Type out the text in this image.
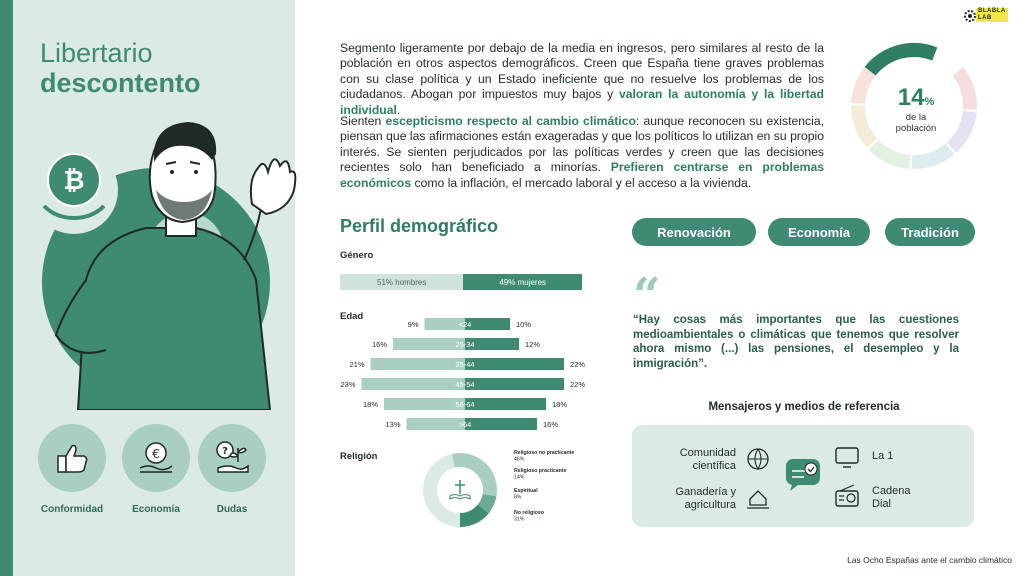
Libertario
descontento
₿
Conformidad
€
Economía
?
Dudas

Segmento ligeramente por debajo de la media en ingresos, pero similares al resto de la población en otros aspectos demográficos. Creen que España tiene graves problemas con su clase política y un Estado ineficiente que no resuelve los problemas de los ciudadanos. Abogan por impuestos muy bajos y valoran la autonomía y la libertad individual.

Sienten escepticismo respecto al cambio climático: aunque reconocen su existencia, piensan que las afirmaciones están exageradas y que los políticos lo utilizan en su propio interés. Se sienten perjudicados por las políticas verdes y creen que las decisiones recientes solo han beneficiado a minorías. Prefieren centrarse en problemas económicos como la inflación, el mercado laboral y el acceso a la vivienda.

BLABLA
LAB
14%
de la
población
Perfil demográfico
Género
51% hombres	49% mujeres
Edad
<24
9%	10%
25-34
16%	12%
35-44
21%	22%
45-54
23%	22%
56-64
18%	18%
>64
13%	16%
Religión	Religioso no practicante
46%
Religioso practicante
14%
Espiritual
8%
No religioso
31%
Renovación	Economía	Tradición
“
“Hay cosas más importantes que las cuestiones medioambientales o climáticas que tenemos que resolver ahora mismo (...) las pensiones, el desempleo y la inmigración”.
Mensajeros y medios de referencia
Comunidad
científica
Ganadería y
agricultura
La 1
Cadena
Dial
Las Ocho Españas ante el cambio climático
